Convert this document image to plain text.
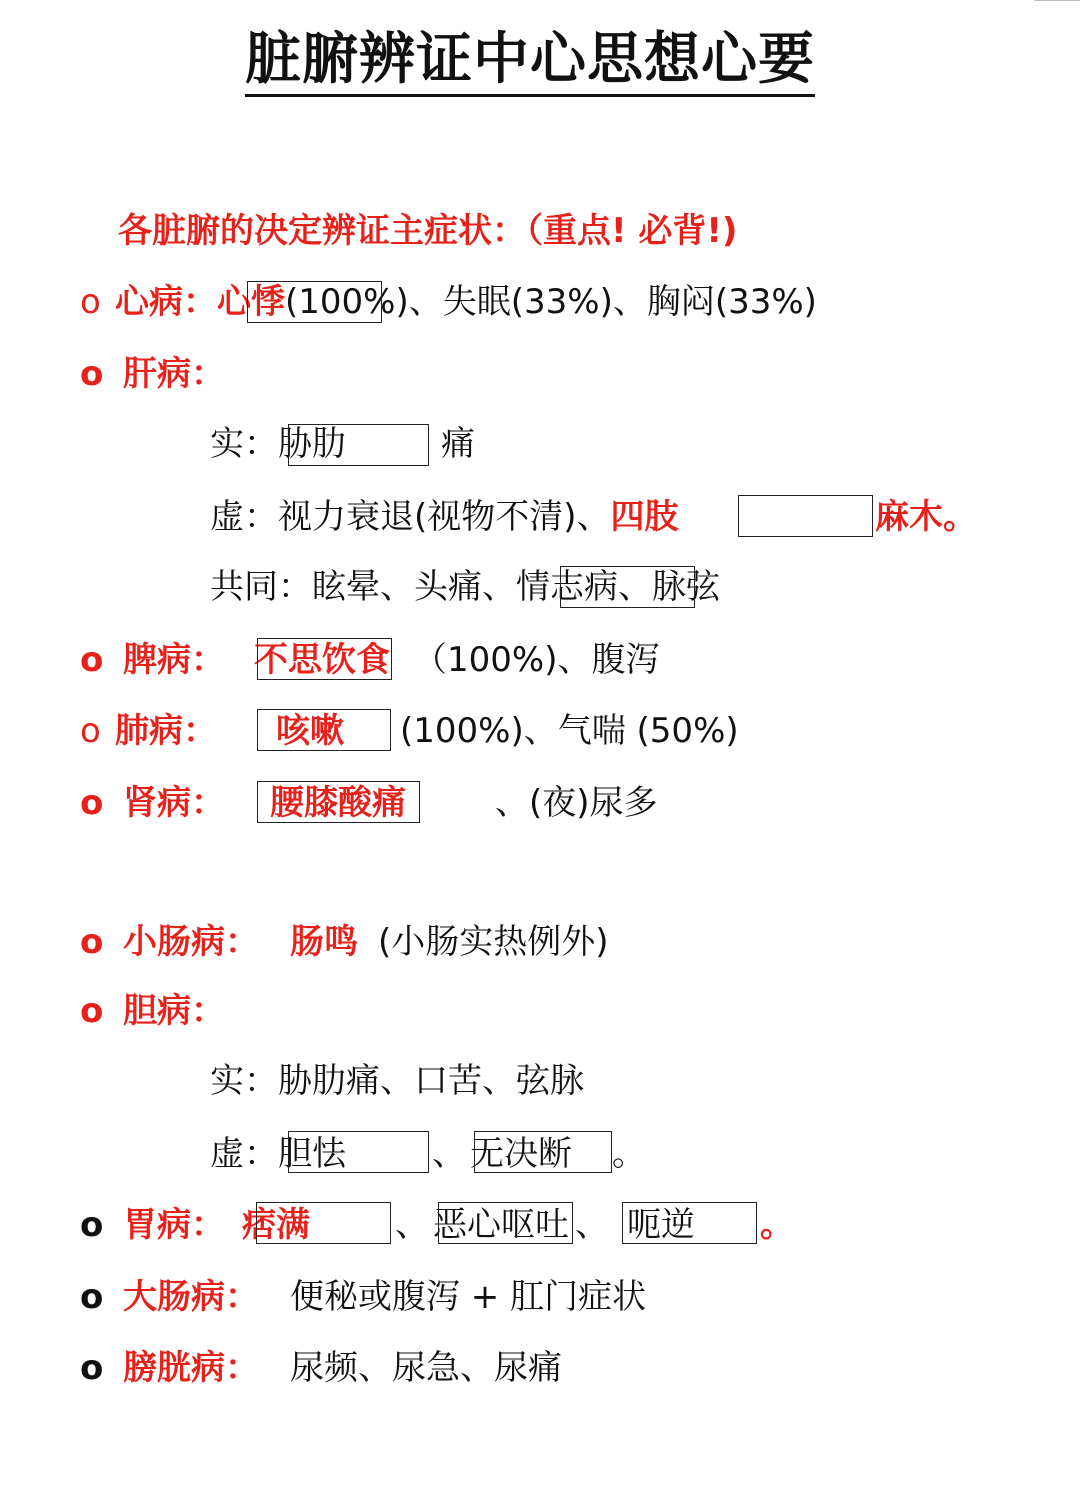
脏腑辨证中心思想心要
各脏腑的决定辨证主症状：（重点! 必背!)
o 心病：心悸(100%)、失眠(33%)、胸闷(33%)
o 肝病：
实：胁肋	痛
虚：视力衰退(视物不清)、四肢	麻木。
共同：眩晕、头痛、情志病、脉弦
o 脾病： 不思饮食 （100%)、腹泻
o 肺病： 咳嗽 (100%)、气喘 (50%)
o 肾病： 腰膝酸痛	、(夜)尿多
o 小肠病： 肠鸣 (小肠实热例外)
o 胆病：
实：胁肋痛、口苦、弦脉
虚：胆怯	、 无决断 。
o 胃病： 痞满	、 恶心呕吐 、 呃逆 。
o 大肠病： 便秘或腹泻 + 肛门症状
o 膀胱病： 尿频、尿急、尿痛
